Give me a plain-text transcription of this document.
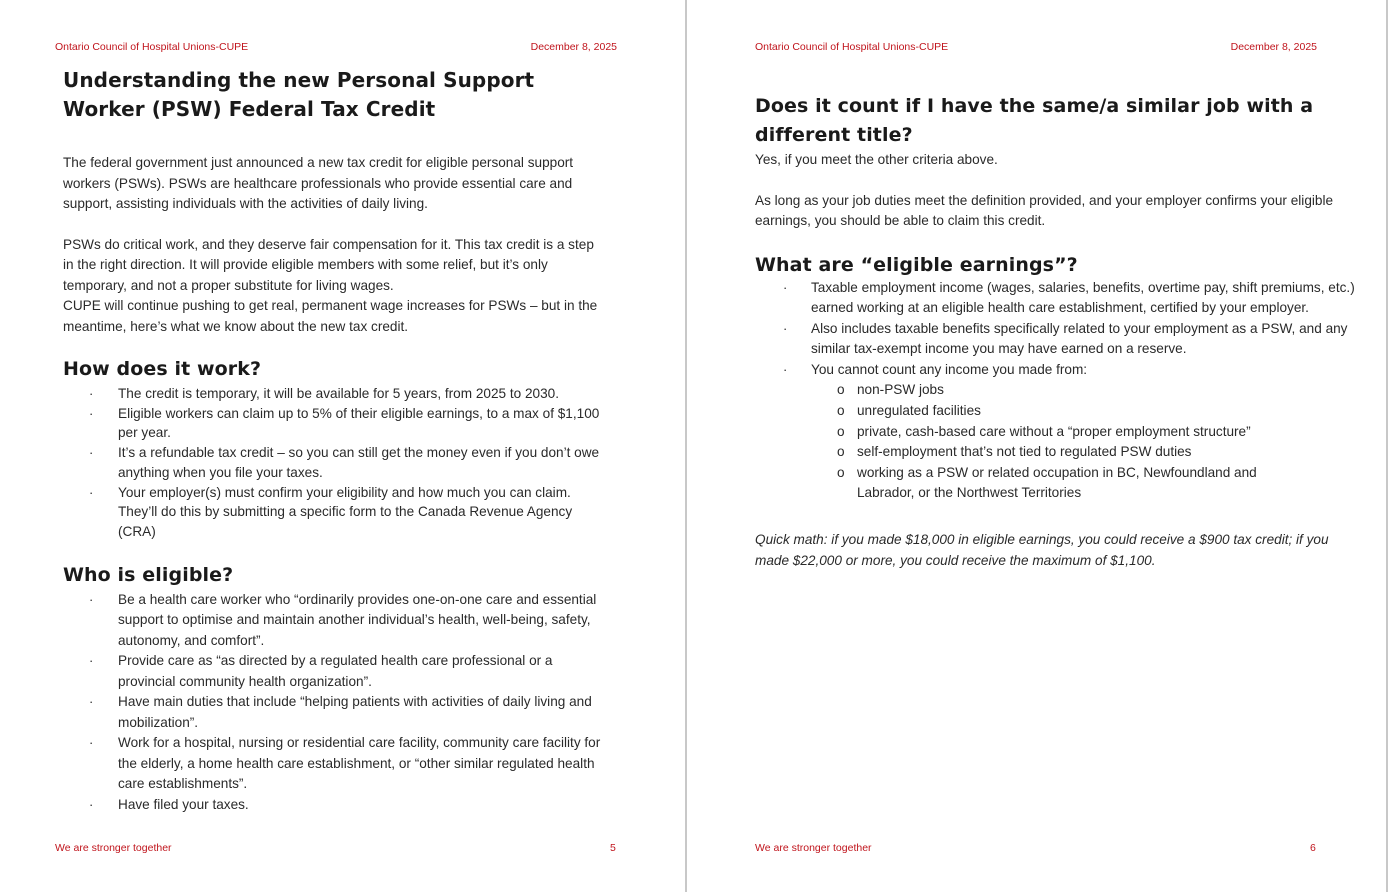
Ontario Council of Hospital Unions-CUPE	December 8, 2025
Understanding the new Personal Support Worker (PSW) Federal Tax Credit

The federal government just announced a new tax credit for eligible personal support workers (PSWs). PSWs are healthcare professionals who provide essential care and support, assisting individuals with the activities of daily living.

PSWs do critical work, and they deserve fair compensation for it. This tax credit is a step in the right direction. It will provide eligible members with some relief, but it’s only temporary, and not a proper substitute for living wages.

CUPE will continue pushing to get real, permanent wage increases for PSWs – but in the meantime, here’s what we know about the new tax credit.

How does it work?
· The credit is temporary, it will be available for 5 years, from 2025 to 2030.
· Eligible workers can claim up to 5% of their eligible earnings, to a max of $1,100 per year.
· It’s a refundable tax credit – so you can still get the money even if you don’t owe anything when you file your taxes.
· Your employer(s) must confirm your eligibility and how much you can claim. They’ll do this by submitting a specific form to the Canada Revenue Agency (CRA)
Who is eligible?
· Be a health care worker who “ordinarily provides one-on-one care and essential support to optimise and maintain another individual’s health, well-being, safety, autonomy, and comfort”.
· Provide care as “as directed by a regulated health care professional or a provincial community health organization”.
· Have main duties that include “helping patients with activities of daily living and mobilization”.
· Work for a hospital, nursing or residential care facility, community care facility for the elderly, a home health care establishment, or “other similar regulated health care establishments”.
· Have filed your taxes.
We are stronger together	5
Ontario Council of Hospital Unions-CUPE	December 8, 2025
Does it count if I have the same/a similar job with a different title?

Yes, if you meet the other criteria above.

As long as your job duties meet the definition provided, and your employer confirms your eligible earnings, you should be able to claim this credit.

What are “eligible earnings”?
· Taxable employment income (wages, salaries, benefits, overtime pay, shift premiums, etc.) earned working at an eligible health care establishment, certified by your employer.
· Also includes taxable benefits specifically related to your employment as a PSW, and any similar tax-exempt income you may have earned on a reserve.
· You cannot count any income you made from:
o non-PSW jobs
o unregulated facilities
o private, cash-based care without a “proper employment structure”
o self-employment that’s not tied to regulated PSW duties
o working as a PSW or related occupation in BC, Newfoundland and Labrador, or the Northwest Territories

Quick math: if you made $18,000 in eligible earnings, you could receive a $900 tax credit; if you made $22,000 or more, you could receive the maximum of $1,100.

We are stronger together	6
